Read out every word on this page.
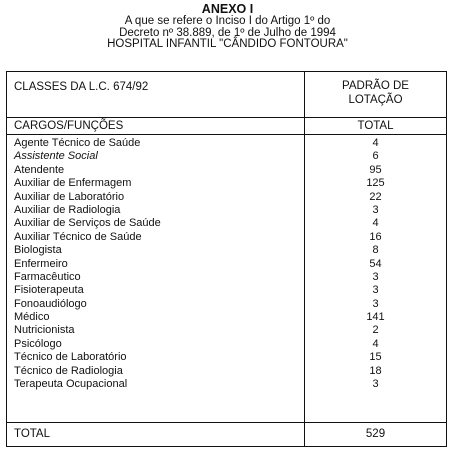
ANEXO I
A que se refere o Inciso I do Artigo 1º do
Decreto nº 38.889, de 1º de Julho de 1994
HOSPITAL INFANTIL "CÂNDIDO FONTOURA"
CLASSES DA L.C. 674/92	PADRÃO DE
LOTAÇÃO
CARGOS/FUNÇÕES	TOTAL
Agente Técnico de Saúde	4
Assistente Social	6
Atendente	95
Auxiliar de Enfermagem	125
Auxiliar de Laboratório	22
Auxiliar de Radiologia	3
Auxiliar de Serviços de Saúde	4
Auxiliar Técnico de Saúde	16
Biologista	8
Enfermeiro	54
Farmacêutico	3
Fisioterapeuta	3
Fonoaudiólogo	3
Médico	141
Nutricionista	2
Psicólogo	4
Técnico de Laboratório	15
Técnico de Radiologia	18
Terapeuta Ocupacional	3
TOTAL	529
